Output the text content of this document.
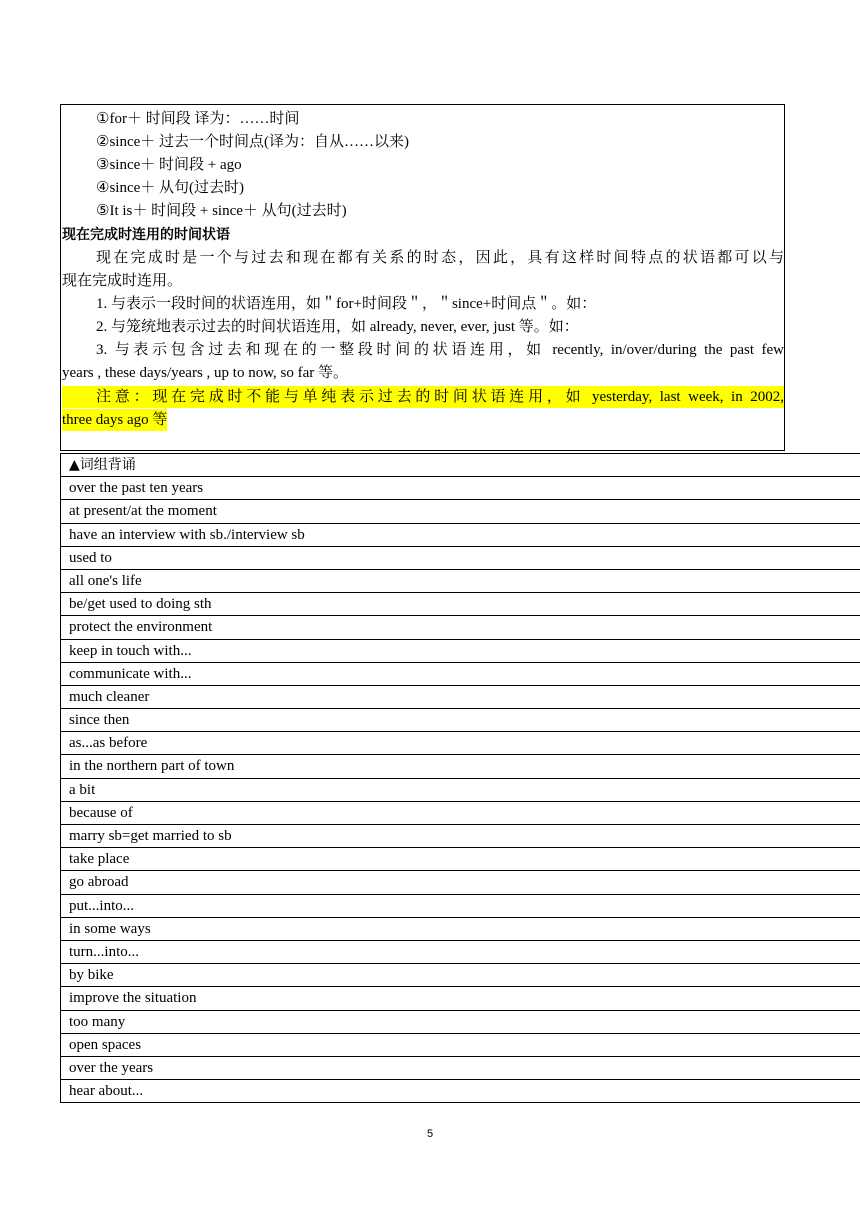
①for＋ 时间段 译为：……时间
②since＋ 过去一个时间点(译为：自从……以来)
③since＋ 时间段 + ago
④since＋ 从句(过去时)
⑤It is＋ 时间段 + since＋ 从句(过去时)
现在完成时连用的时间状语
现在完成时是一个与过去和现在都有关系的时态，因此，具有这样时间特点的状语都可以与
现在完成时连用。
1. 与表示一段时间的状语连用，如＂for+时间段＂，＂since+时间点＂。如：
2. 与笼统地表示过去的时间状语连用，如 already, never, ever, just 等。如：
3. 与表示包含过去和现在的一整段时间的状语连用，如 recently, in/over/during the past few
years , these days/years , up to now, so far 等。
注意：现在完成时不能与单纯表示过去的时间状语连用，如 yesterday, last week, in 2002,
three days ago 等
▲词组背诵
over the past ten years
at present/at the moment
have an interview with sb./interview sb
used to
all one's life
be/get used to doing sth
protect the environment
keep in touch with...
communicate with...
much cleaner
since then
as...as before
in the northern part of town
a bit
because of
marry sb=get married to sb
take place
go abroad
put...into...
in some ways
turn...into...
by bike
improve the situation
too many
open spaces
over the years
hear about...
5
